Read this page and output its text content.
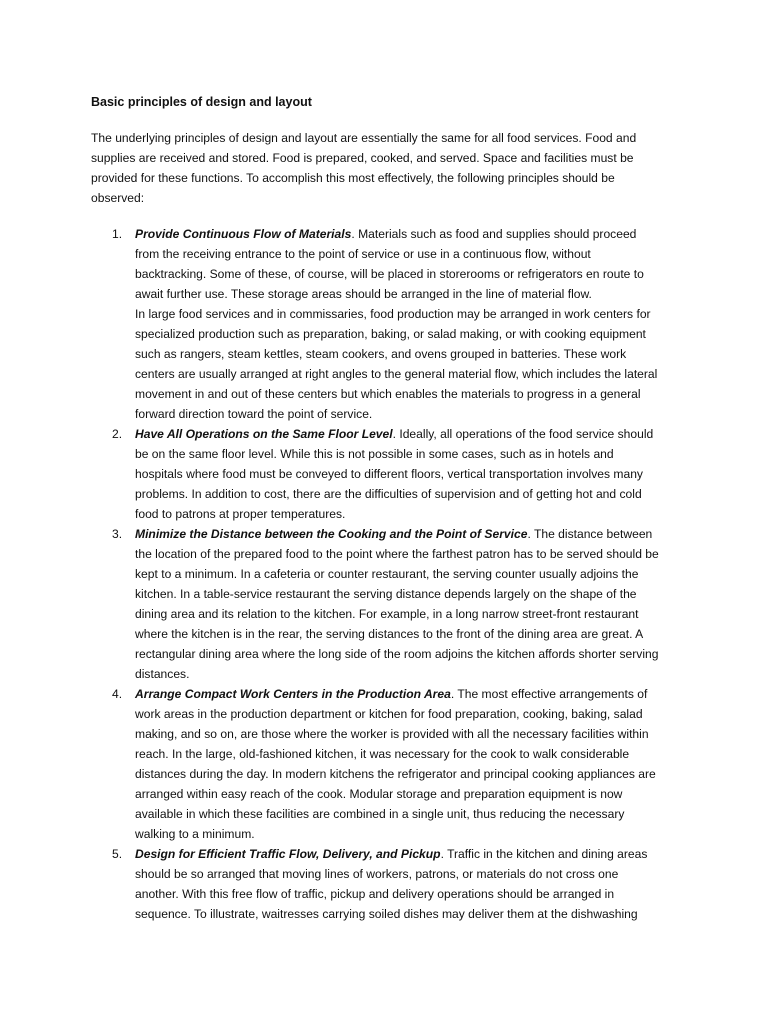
Basic principles of design and layout
The underlying principles of design and layout are essentially the same for all food services. Food and supplies are received and stored. Food is prepared, cooked, and served. Space and facilities must be provided for these functions. To accomplish this most effectively, the following principles should be observed:
1. Provide Continuous Flow of Materials. Materials such as food and supplies should proceed from the receiving entrance to the point of service or use in a continuous flow, without backtracking. Some of these, of course, will be placed in storerooms or refrigerators en route to await further use. These storage areas should be arranged in the line of material flow.
In large food services and in commissaries, food production may be arranged in work centers for specialized production such as preparation, baking, or salad making, or with cooking equipment such as rangers, steam kettles, steam cookers, and ovens grouped in batteries. These work centers are usually arranged at right angles to the general material flow, which includes the lateral movement in and out of these centers but which enables the materials to progress in a general forward direction toward the point of service.
2. Have All Operations on the Same Floor Level. Ideally, all operations of the food service should be on the same floor level. While this is not possible in some cases, such as in hotels and hospitals where food must be conveyed to different floors, vertical transportation involves many problems. In addition to cost, there are the difficulties of supervision and of getting hot and cold food to patrons at proper temperatures.
3. Minimize the Distance between the Cooking and the Point of Service. The distance between the location of the prepared food to the point where the farthest patron has to be served should be kept to a minimum. In a cafeteria or counter restaurant, the serving counter usually adjoins the kitchen. In a table-service restaurant the serving distance depends largely on the shape of the dining area and its relation to the kitchen. For example, in a long narrow street-front restaurant where the kitchen is in the rear, the serving distances to the front of the dining area are great. A rectangular dining area where the long side of the room adjoins the kitchen affords shorter serving distances.
4. Arrange Compact Work Centers in the Production Area. The most effective arrangements of work areas in the production department or kitchen for food preparation, cooking, baking, salad making, and so on, are those where the worker is provided with all the necessary facilities within reach. In the large, old-fashioned kitchen, it was necessary for the cook to walk considerable distances during the day. In modern kitchens the refrigerator and principal cooking appliances are arranged within easy reach of the cook. Modular storage and preparation equipment is now available in which these facilities are combined in a single unit, thus reducing the necessary walking to a minimum.
5. Design for Efficient Traffic Flow, Delivery, and Pickup. Traffic in the kitchen and dining areas should be so arranged that moving lines of workers, patrons, or materials do not cross one another. With this free flow of traffic, pickup and delivery operations should be arranged in sequence. To illustrate, waitresses carrying soiled dishes may deliver them at the dishwashing
